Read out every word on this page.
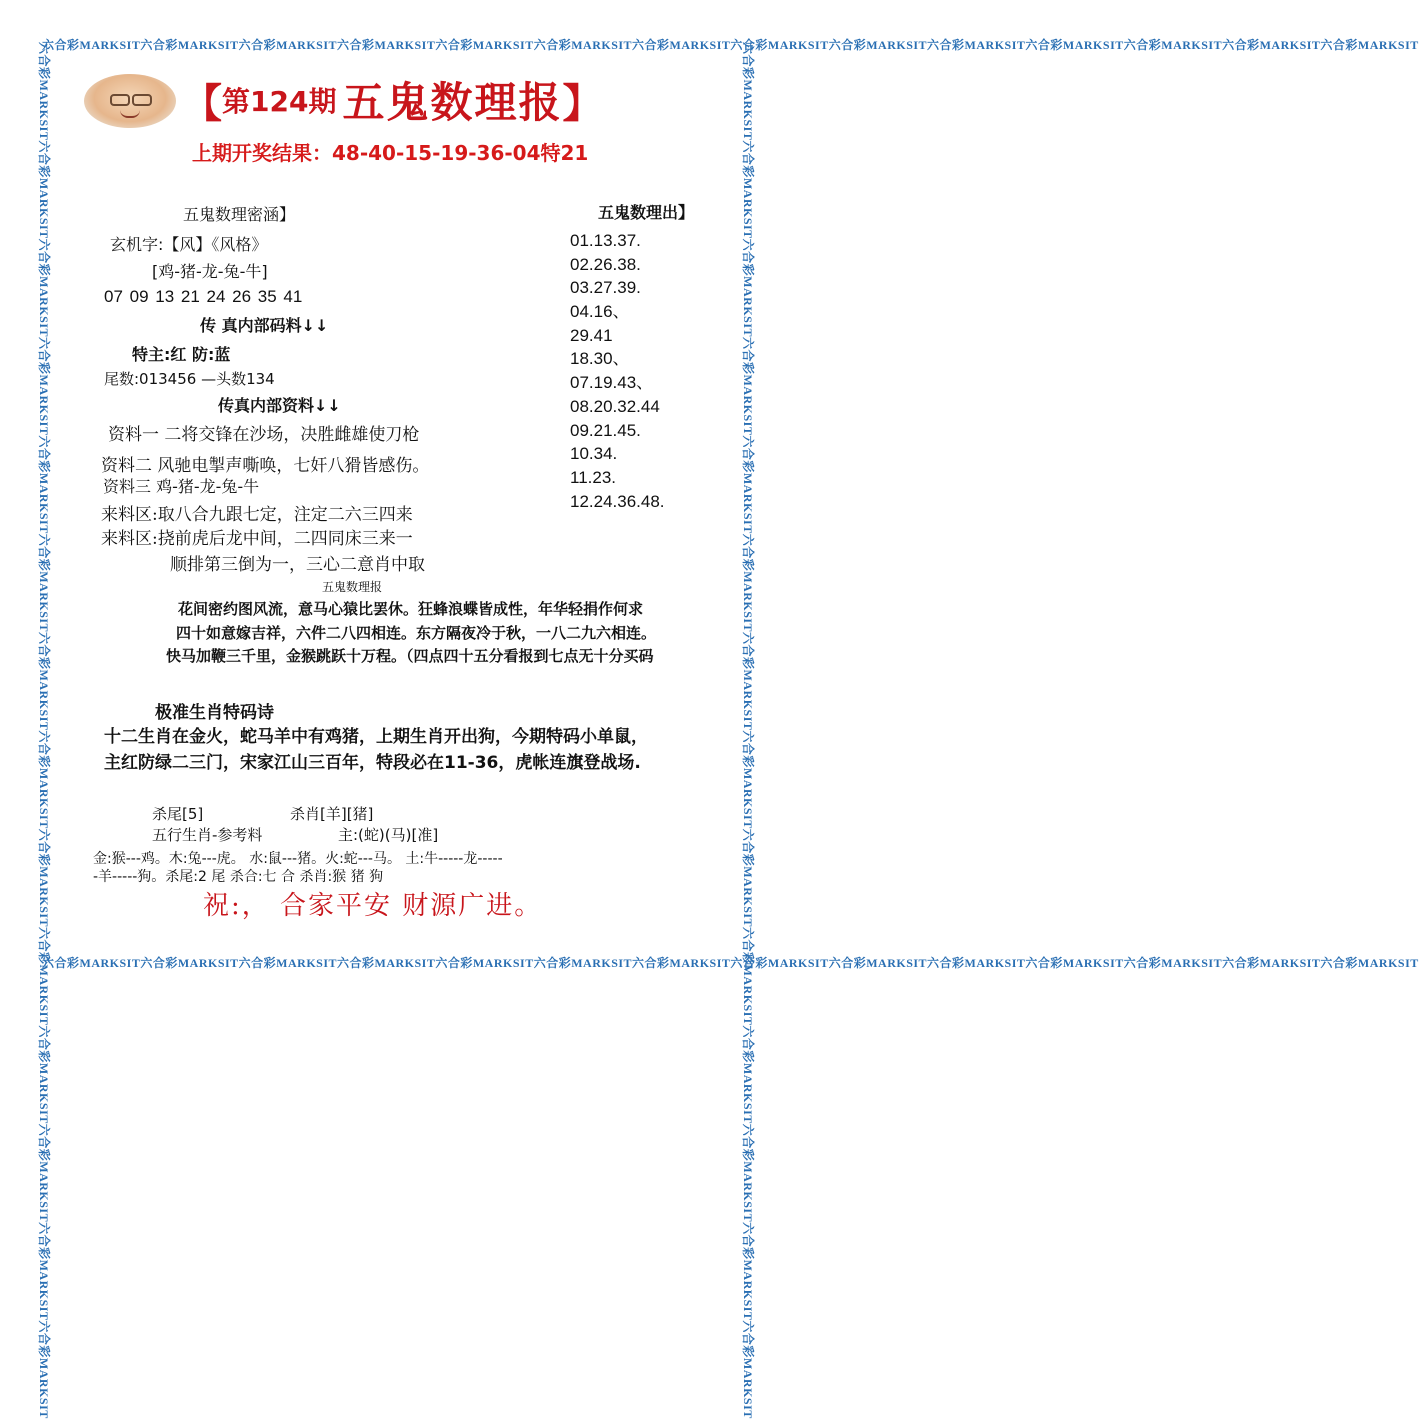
六合彩MARKSIT六合彩MARKSIT六合彩MARKSIT六合彩MARKSIT六合彩MARKSIT六合彩MARKSIT六合彩MARKSIT六合彩MARKSIT六合彩MARKSIT六合彩MARKSIT六合彩MARKSIT六合彩MARKSIT六合彩MARKSIT六合彩MARKSIT
六合彩MARKSIT六合彩MARKSIT六合彩MARKSIT六合彩MARKSIT六合彩MARKSIT六合彩MARKSIT六合彩MARKSIT六合彩MARKSIT六合彩MARKSIT六合彩MARKSIT六合彩MARKSIT六合彩MARKSIT六合彩MARKSIT六合彩MARKSIT
六合彩MARKSIT六合彩MARKSIT六合彩MARKSIT六合彩MARKSIT六合彩MARKSIT六合彩MARKSIT六合彩MARKSIT六合彩MARKSIT六合彩MARKSIT六合彩MARKSIT六合彩MARKSIT六合彩MARKSIT六合彩MARKSIT六合彩MARKSIT	六合彩MARKSIT六合彩MARKSIT六合彩MARKSIT六合彩MARKSIT六合彩MARKSIT六合彩MARKSIT六合彩MARKSIT六合彩MARKSIT六合彩MARKSIT六合彩MARKSIT六合彩MARKSIT六合彩MARKSIT六合彩MARKSIT六合彩MARKSIT
【 第124期 五鬼数理报 】
上期开奖结果：48-40-15-19-36-04特21
五鬼数理密涵】
玄机字:【风】《风格》
[鸡-猪-龙-兔-牛]
07 09 13 21 24 26 35 41
传 真内部码料↓↓
特主:红 防:蓝
尾数:013456 —头数134
传真内部资料↓↓
资料一 二将交锋在沙场，决胜雌雄使刀枪
资料二 风驰电掣声嘶唤，七奸八猾皆感伤。
资料三 鸡-猪-龙-兔-牛
来料区:取八合九跟七定，注定二六三四来
来料区:挠前虎后龙中间，二四同床三来一
顺排第三倒为一，三心二意肖中取
五鬼数理出】
01.13.37.
02.26.38.
03.27.39.
04.16、
29.41
18.30、
07.19.43、
08.20.32.44
09.21.45.
10.34.
11.23.
12.24.36.48.
五鬼数理报
花间密约图风流，意马心猿比罢休。狂蜂浪蝶皆成性，年华轻捐作何求
四十如意嫁吉祥，六件二八四相连。东方隔夜冷于秋，一八二九六相连。
快马加鞭三千里，金猴跳跃十万程。（四点四十五分看报到七点无十分买码
极准生肖特码诗
十二生肖在金火，蛇马羊中有鸡猪，上期生肖开出狗，今期特码小单鼠，
主红防绿二三门，宋家江山三百年，特段必在11-36，虎帐连旗登战场.
杀尾[5]	杀肖[羊][猪]
五行生肖-参考料	主:(蛇)(马)[准]
金:猴---鸡。木:兔---虎。 水:鼠---猪。火:蛇---马。 土:牛-----龙-----
-羊-----狗。杀尾:2 尾 杀合:七 合 杀肖:猴 猪 狗
祝:， 合家平安 财源广进。
